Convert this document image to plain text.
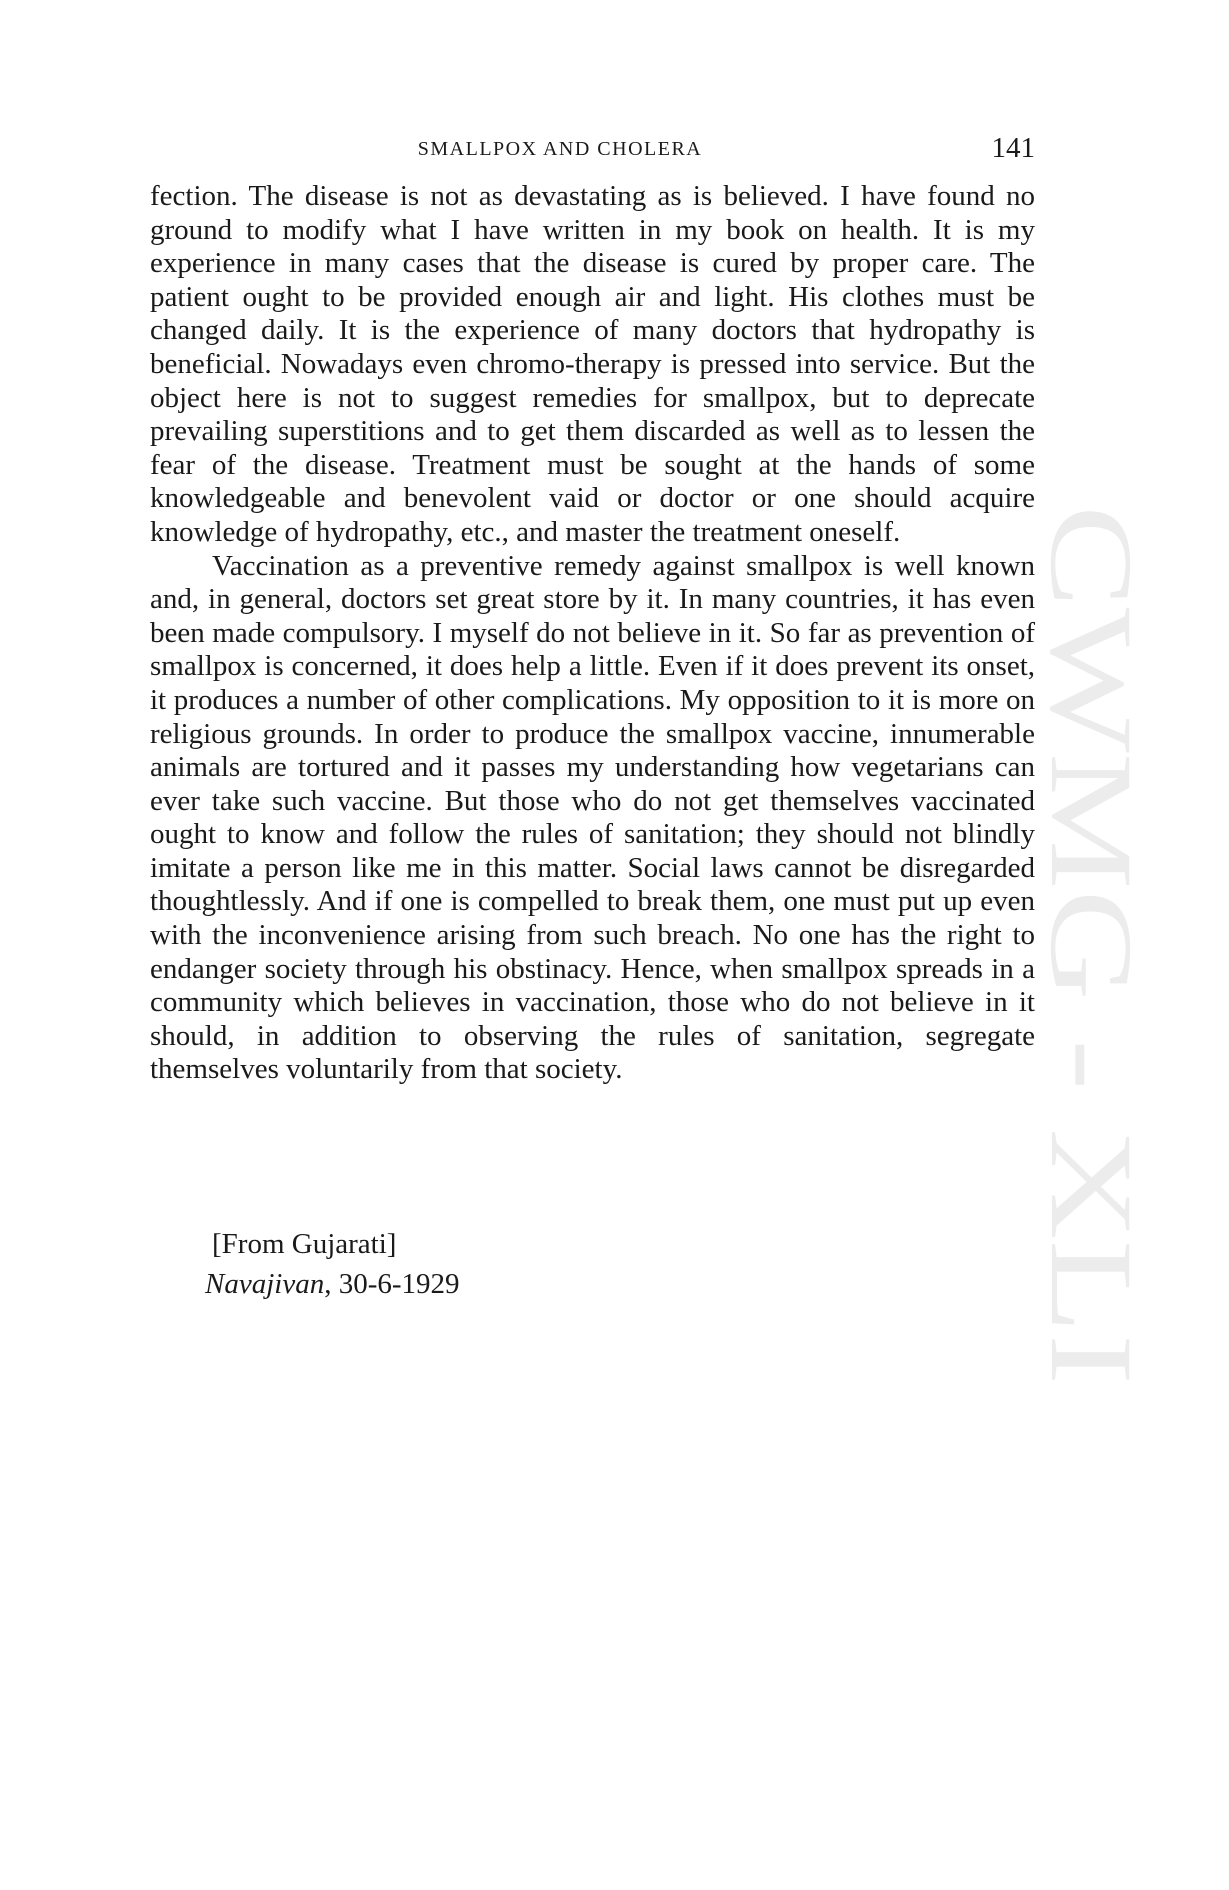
SMALLPOX AND CHOLERA	141
CWMG - XLI

fection. The disease is not as devastating as is believed. I have found no ground to modify what I have written in my book on health. It is my experience in many cases that the disease is cured by proper care. The patient ought to be provided enough air and light. His clothes must be changed daily. It is the experience of many doctors that hydropathy is beneficial. Nowadays even chromo-therapy is pressed into service. But the object here is not to suggest remedies for smallpox, but to deprecate prevailing superstitions and to get them discarded as well as to lessen the fear of the disease. Treatment must be sought at the hands of some knowledgeable and benevolent vaid or doctor or one should acquire knowledge of hydropathy, etc., and master the treatment oneself.

Vaccination as a preventive remedy against smallpox is well known and, in general, doctors set great store by it. In many countries, it has even been made compulsory. I myself do not believe in it. So far as prevention of smallpox is concerned, it does help a little. Even if it does prevent its onset, it produces a number of other complications. My opposition to it is more on religious grounds. In order to produce the smallpox vaccine, innumerable animals are tortured and it passes my understanding how vegetarians can ever take such vaccine. But those who do not get themselves vaccinated ought to know and follow the rules of sanitation; they should not blindly imitate a person like me in this matter. Social laws cannot be disregarded thoughtlessly. And if one is compelled to break them, one must put up even with the inconvenience arising from such breach. No one has the right to endanger society through his obstinacy. Hence, when smallpox spreads in a community which believes in vaccination, those who do not believe in it should, in addition to observing the rules of sanitation, segregate themselves voluntarily from that society.

[From Gujarati]
Navajivan, 30-6-1929
